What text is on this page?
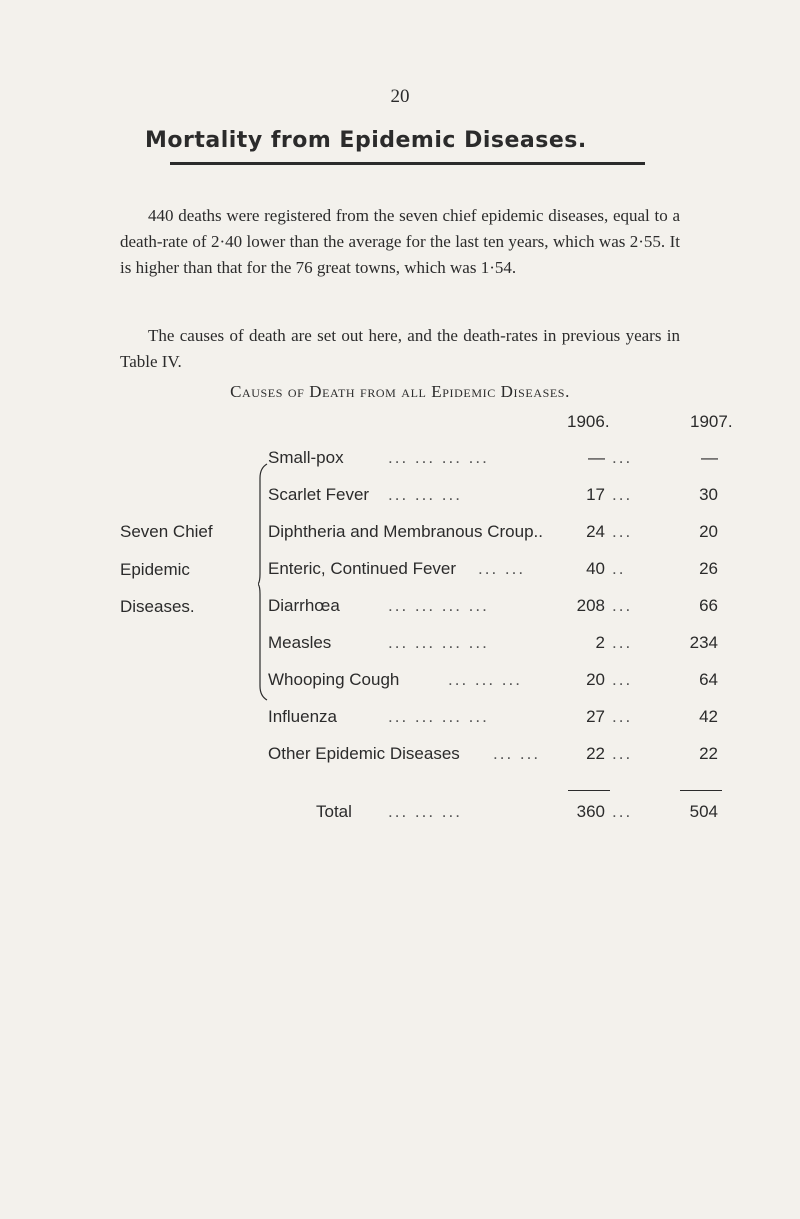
20
Mortality from Epidemic Diseases.

440 deaths were registered from the seven chief epidemic diseases, equal to a death-rate of 2·40 lower than the average for the last ten years, which was 2·55. It is higher than that for the 76 great towns, which was 1·54.

The causes of death are set out here, and the death-rates in previous years in Table IV.

Causes of Death from all Epidemic Diseases.
1906.	1907.
Seven Chief
Epidemic
Diseases.
Small-pox	... ... ... ...	— ...	—
Scarlet Fever ... ... ...	17 ...	30
Diphtheria and Membranous Croup..	24 ...	20
Enteric, Continued Fever ... ...	40 ..	26
Diarrhœa	... ... ... ...	208 ...	66
Measles	... ... ... ...	2 ...	234
Whooping Cough	... ... ...	20 ...	64
Influenza	... ... ... ...	27 ...	42
Other Epidemic Diseases ... ...	22 ...	22
Total ... ... ...	360 ...	504
